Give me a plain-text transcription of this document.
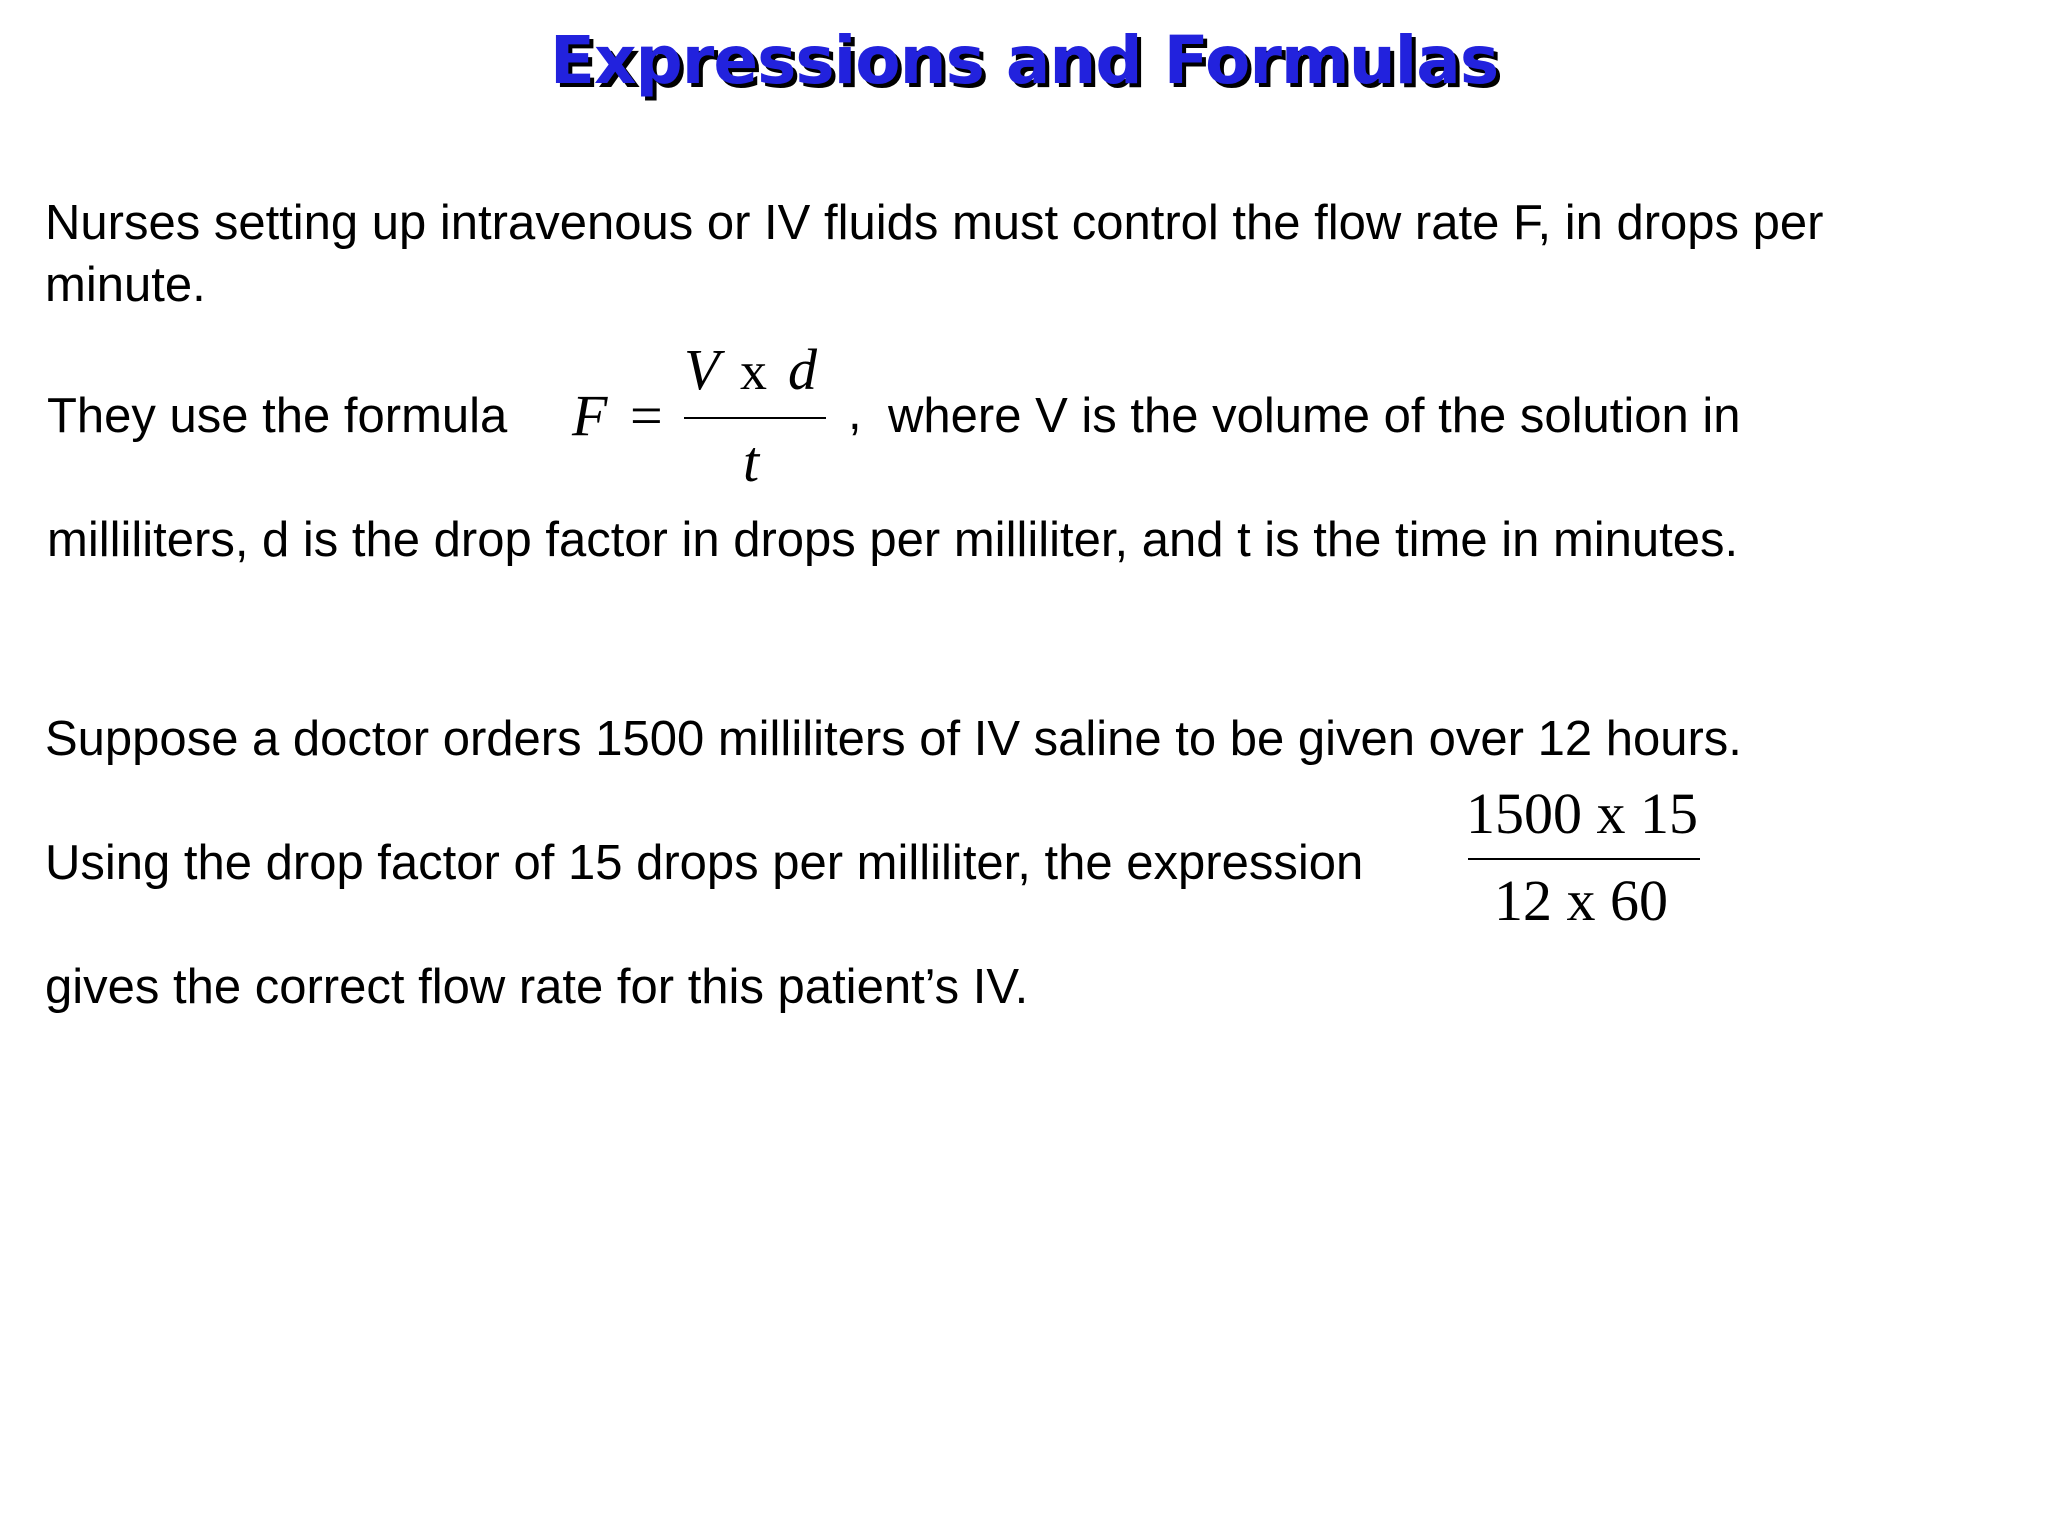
Expressions and Formulas
Nurses setting up intravenous or IV fluids must control the flow rate F, in drops per
minute.
They use the formula F =
V x d
t
, where V is the volume of the solution in
milliliters, d is the drop factor in drops per milliliter, and t is the time in minutes.
Suppose a doctor orders 1500 milliliters of IV saline to be given over 12 hours.
Using the drop factor of 15 drops per milliliter, the expression
1500 x 15
12 x 60
gives the correct flow rate for this patient’s IV.
